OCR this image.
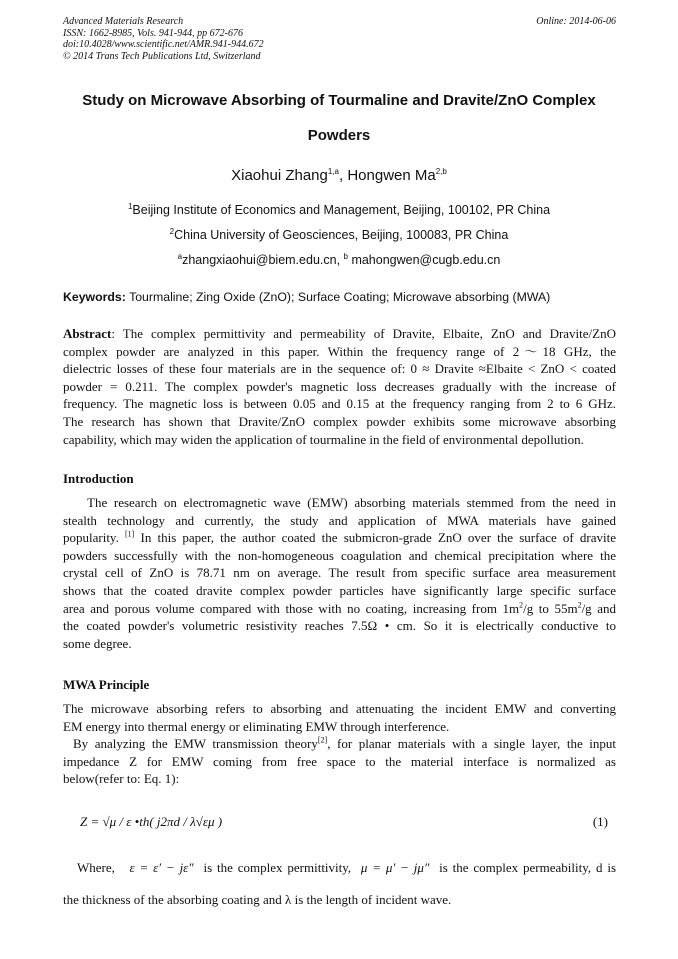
Advanced Materials Research
ISSN: 1662-8985, Vols. 941-944, pp 672-676
doi:10.4028/www.scientific.net/AMR.941-944.672
© 2014 Trans Tech Publications Ltd, Switzerland
Online: 2014-06-06
Study on Microwave Absorbing of Tourmaline and Dravite/ZnO Complex
Powders
Xiaohui Zhang$^{1,a}$, Hongwen Ma$^{2,b}$
$^1$Beijing Institute of Economics and Management, Beijing, 100102, PR China
$^2$China University of Geosciences, Beijing, 100083, PR China
$^a$zhangxiaohui@biem.edu.cn, $^b$ mahongwen@cugb.edu.cn
Keywords: Tourmaline; Zing Oxide (ZnO); Surface Coating; Microwave absorbing (MWA)
Abstract: The complex permittivity and permeability of Dravite, Elbaite, ZnO and Dravite/ZnO
complex powder are analyzed in this paper. Within the frequency range of 2～18 GHz, the
dielectric losses of these four materials are in the sequence of: 0 ≈ Dravite ≈Elbaite < ZnO < coated
powder = 0.211. The complex powder's magnetic loss decreases gradually with the increase of
frequency. The magnetic loss is between 0.05 and 0.15 at the frequency ranging from 2 to 6 GHz.
The research has shown that Dravite/ZnO complex powder exhibits some microwave absorbing
capability, which may widen the application of tourmaline in the field of environmental depollution.
Introduction
The research on electromagnetic wave (EMW) absorbing materials stemmed from the need in
stealth technology and currently, the study and application of MWA materials have gained
popularity. [1] In this paper, the author coated the submicron-grade ZnO over the surface of dravite
powders successfully with the non-homogeneous coagulation and chemical precipitation where the
crystal cell of ZnO is 78.71 nm on average. The result from specific surface area measurement
shows that the coated dravite complex powder particles have significantly large specific surface
area and porous volume compared with those with no coating, increasing from $1m^2/g$ to $55m^2/g$ and
the coated powder's volumetric resistivity reaches 7.5Ω • cm. So it is electrically conductive to
some degree.
MWA Principle
The microwave absorbing refers to absorbing and attenuating the incident EMW and converting
EM energy into thermal energy or eliminating EMW through interference.
By analyzing the EMW transmission theory[2], for planar materials with a single layer, the input
impedance Z for EMW coming from free space to the material interface is normalized as
below(refer to: Eq. 1):
Z = √μ / ε •th( j2πd / λ√εμ )	(1)
Where, ε = ε′ − jε″ is the complex permittivity, μ = μ′ − jμ″ is the complex permeability, d is
the thickness of the absorbing coating and λ is the length of incident wave.
